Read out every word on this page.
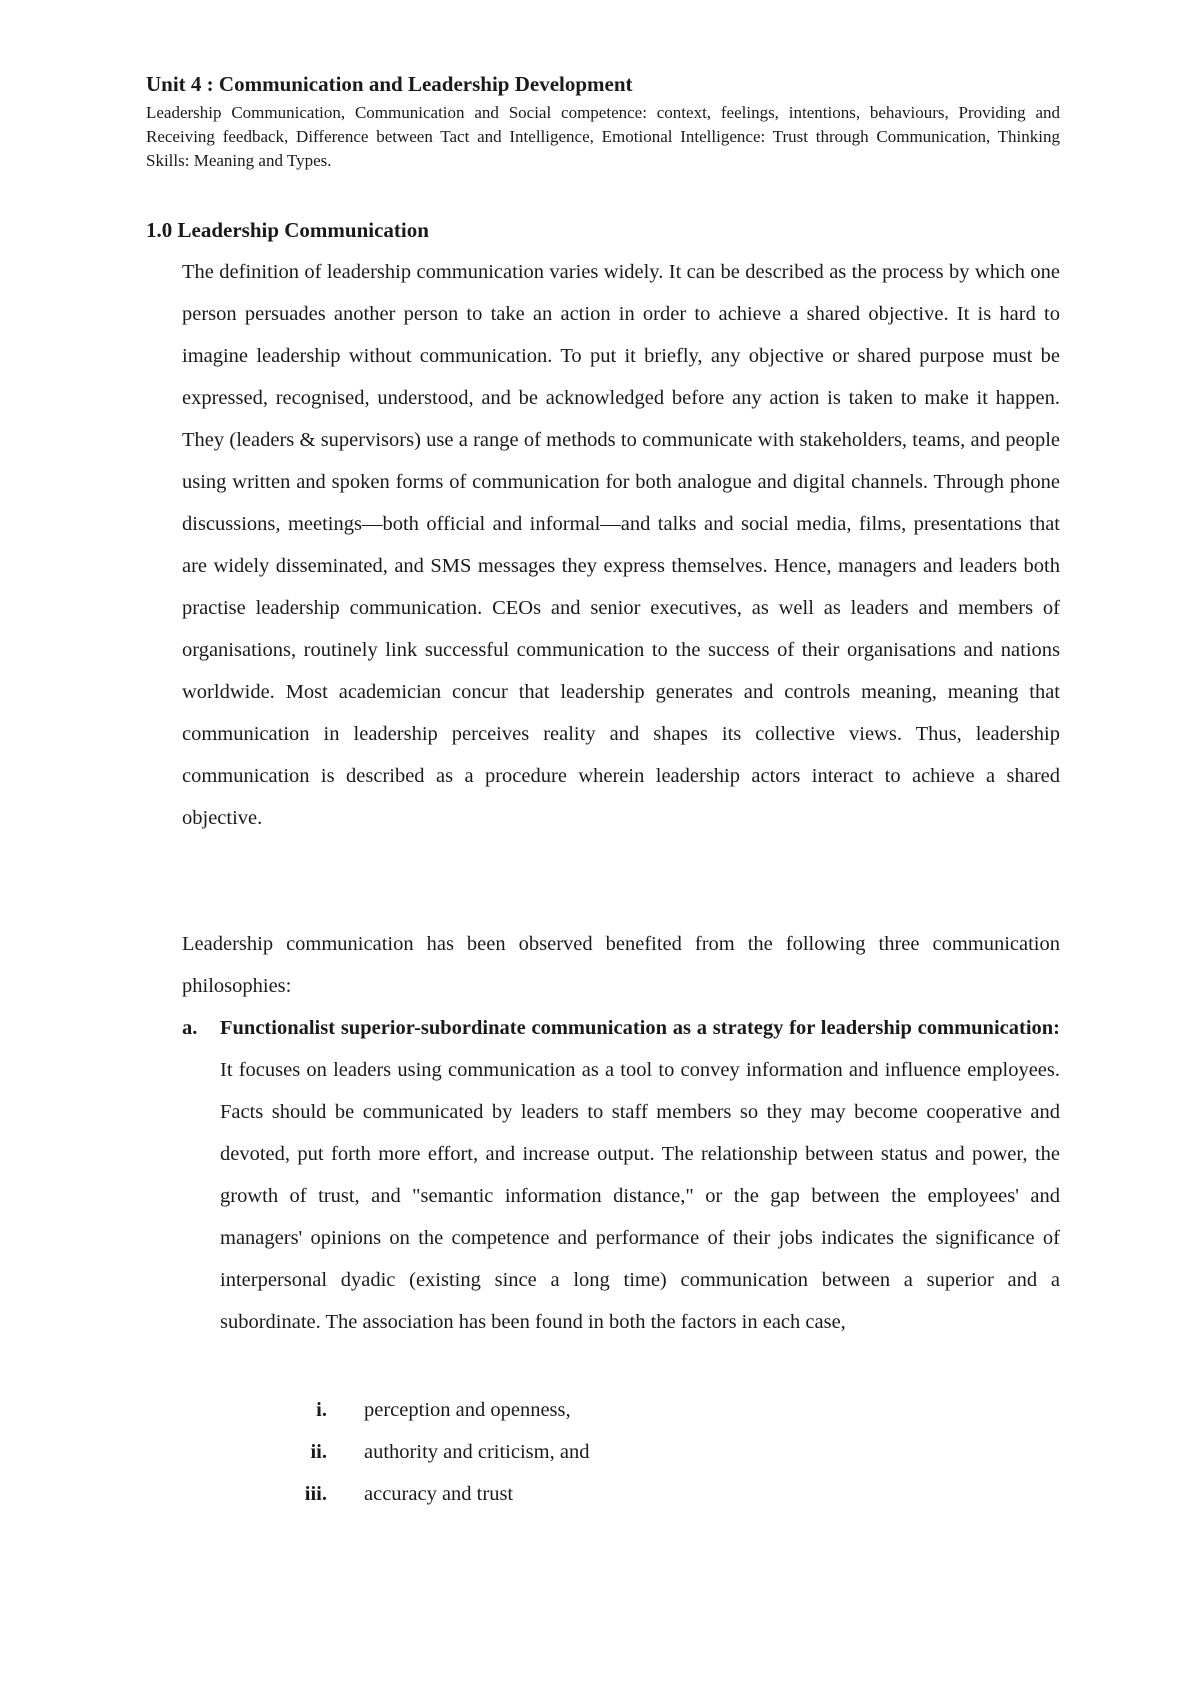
Unit 4 : Communication and Leadership Development

Leadership Communication, Communication and Social competence: context, feelings, intentions, behaviours, Providing and Receiving feedback, Difference between Tact and Intelligence, Emotional Intelligence: Trust through Communication, Thinking Skills: Meaning and Types.

1.0 Leadership Communication

The definition of leadership communication varies widely. It can be described as the process by which one person persuades another person to take an action in order to achieve a shared objective. It is hard to imagine leadership without communication. To put it briefly, any objective or shared purpose must be expressed, recognised, understood, and be acknowledged before any action is taken to make it happen. They (leaders & supervisors) use a range of methods to communicate with stakeholders, teams, and people using written and spoken forms of communication for both analogue and digital channels. Through phone discussions, meetings—both official and informal—and talks and social media, films, presentations that are widely disseminated, and SMS messages they express themselves. Hence, managers and leaders both practise leadership communication. CEOs and senior executives, as well as leaders and members of organisations, routinely link successful communication to the success of their organisations and nations worldwide. Most academician concur that leadership generates and controls meaning, meaning that communication in leadership perceives reality and shapes its collective views. Thus, leadership communication is described as a procedure wherein leadership actors interact to achieve a shared objective.

Leadership communication has been observed benefited from the following three communication philosophies:

a. Functionalist superior-subordinate communication as a strategy for leadership communication: It focuses on leaders using communication as a tool to convey information and influence employees. Facts should be communicated by leaders to staff members so they may become cooperative and devoted, put forth more effort, and increase output. The relationship between status and power, the growth of trust, and "semantic information distance," or the gap between the employees' and managers' opinions on the competence and performance of their jobs indicates the significance of interpersonal dyadic (existing since a long time) communication between a superior and a subordinate. The association has been found in both the factors in each case,
i. perception and openness,
ii. authority and criticism, and
iii. accuracy and trust
